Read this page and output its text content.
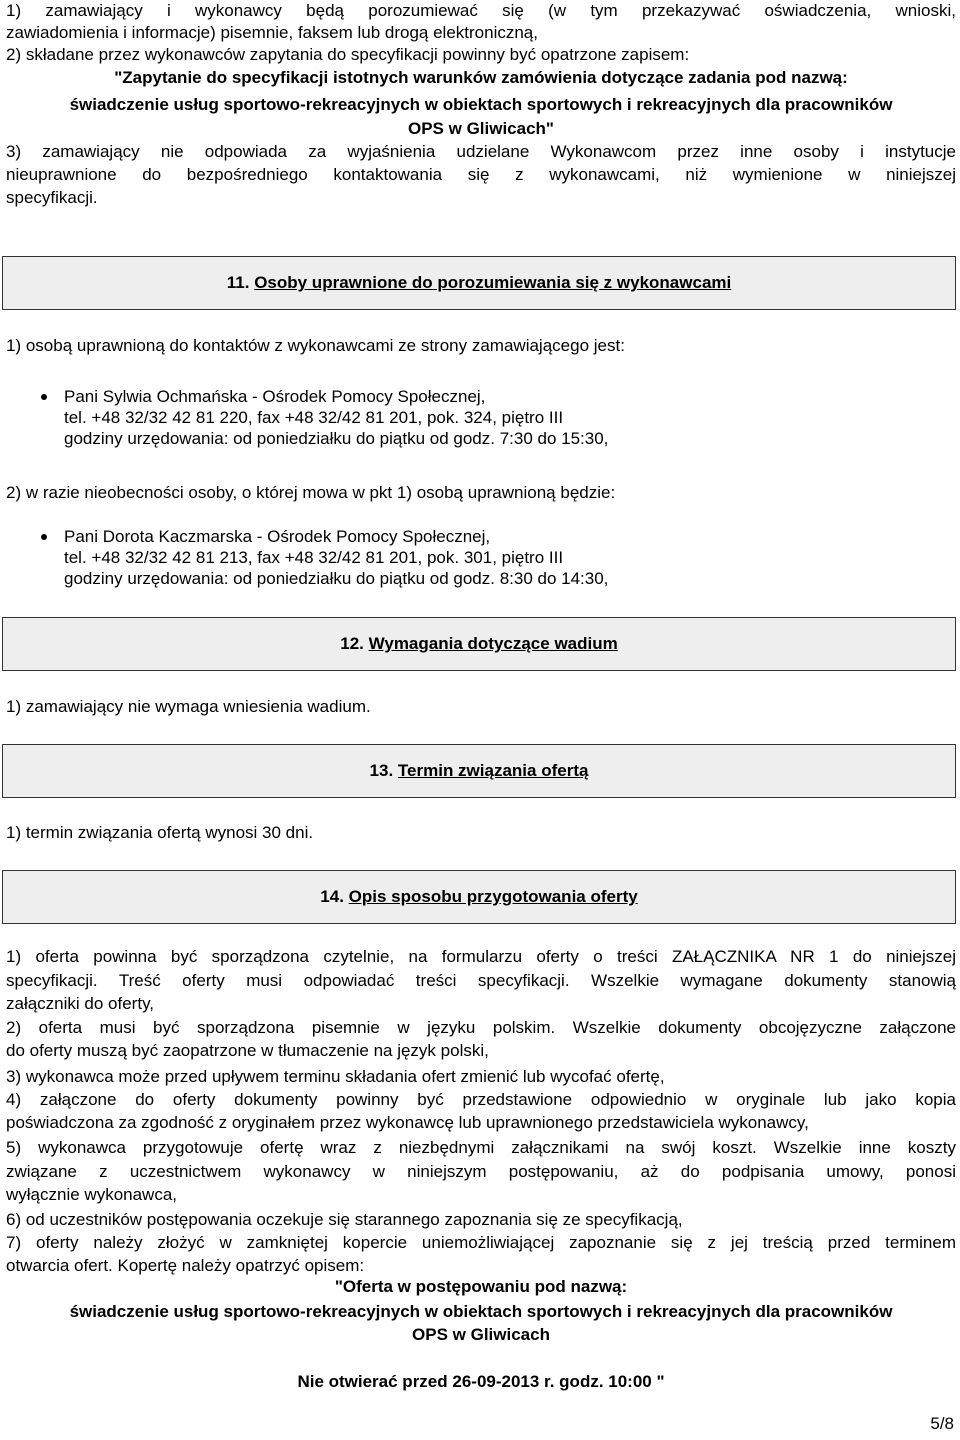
1) zamawiający i wykonawcy będą porozumiewać się (w tym przekazywać oświadczenia, wnioski,
zawiadomienia i informacje) pisemnie, faksem lub drogą elektroniczną,
2) składane przez wykonawców zapytania do specyfikacji powinny być opatrzone zapisem:
"Zapytanie do specyfikacji istotnych warunków zamówienia dotyczące zadania pod nazwą:
świadczenie usług sportowo-rekreacyjnych w obiektach sportowych i rekreacyjnych dla pracowników
OPS w Gliwicach"
3) zamawiający nie odpowiada za wyjaśnienia udzielane Wykonawcom przez inne osoby i instytucje
nieuprawnione do bezpośredniego kontaktowania się z wykonawcami, niż wymienione w niniejszej
specyfikacji.
11.
Osoby uprawnione do porozumiewania się z wykonawcami
1) osobą uprawnioną do kontaktów z wykonawcami ze strony zamawiającego jest:
Pani Sylwia Ochmańska - Ośrodek Pomocy Społecznej,
tel. +48 32/32 42 81 220, fax +48 32/42 81 201, pok. 324, piętro III
godziny urzędowania: od poniedziałku do piątku od godz. 7:30 do 15:30,
2) w razie nieobecności osoby, o której mowa w pkt 1) osobą uprawnioną będzie:
Pani Dorota Kaczmarska - Ośrodek Pomocy Społecznej,
tel. +48 32/32 42 81 213, fax +48 32/42 81 201, pok. 301, piętro III
godziny urzędowania: od poniedziałku do piątku od godz. 8:30 do 14:30,
12.
Wymagania dotyczące wadium
1) zamawiający nie wymaga wniesienia wadium.
13.
Termin związania ofertą
1) termin związania ofertą wynosi 30 dni.
14.
Opis sposobu przygotowania oferty
1) oferta powinna być sporządzona czytelnie, na formularzu oferty o treści ZAŁĄCZNIKA NR 1 do niniejszej
specyfikacji. Treść oferty musi odpowiadać treści specyfikacji. Wszelkie wymagane dokumenty stanowią
załączniki do oferty,
2) oferta musi być sporządzona pisemnie w języku polskim. Wszelkie dokumenty obcojęzyczne załączone
do oferty muszą być zaopatrzone w tłumaczenie na język polski,
3) wykonawca może przed upływem terminu składania ofert zmienić lub wycofać ofertę,
4) załączone do oferty dokumenty powinny być przedstawione odpowiednio w oryginale lub jako kopia
poświadczona za zgodność z oryginałem przez wykonawcę lub uprawnionego przedstawiciela wykonawcy,
5) wykonawca przygotowuje ofertę wraz z niezbędnymi załącznikami na swój koszt. Wszelkie inne koszty
związane z uczestnictwem wykonawcy w niniejszym postępowaniu, aż do podpisania umowy, ponosi
wyłącznie wykonawca,
6) od uczestników postępowania oczekuje się starannego zapoznania się ze specyfikacją,
7) oferty należy złożyć w zamkniętej kopercie uniemożliwiającej zapoznanie się z jej treścią przed terminem
otwarcia ofert. Kopertę należy opatrzyć opisem:
"Oferta w postępowaniu pod nazwą:
świadczenie usług sportowo-rekreacyjnych w obiektach sportowych i rekreacyjnych dla pracowników
OPS w Gliwicach
Nie otwierać przed 26-09-2013 r. godz. 10:00 "
5/8
